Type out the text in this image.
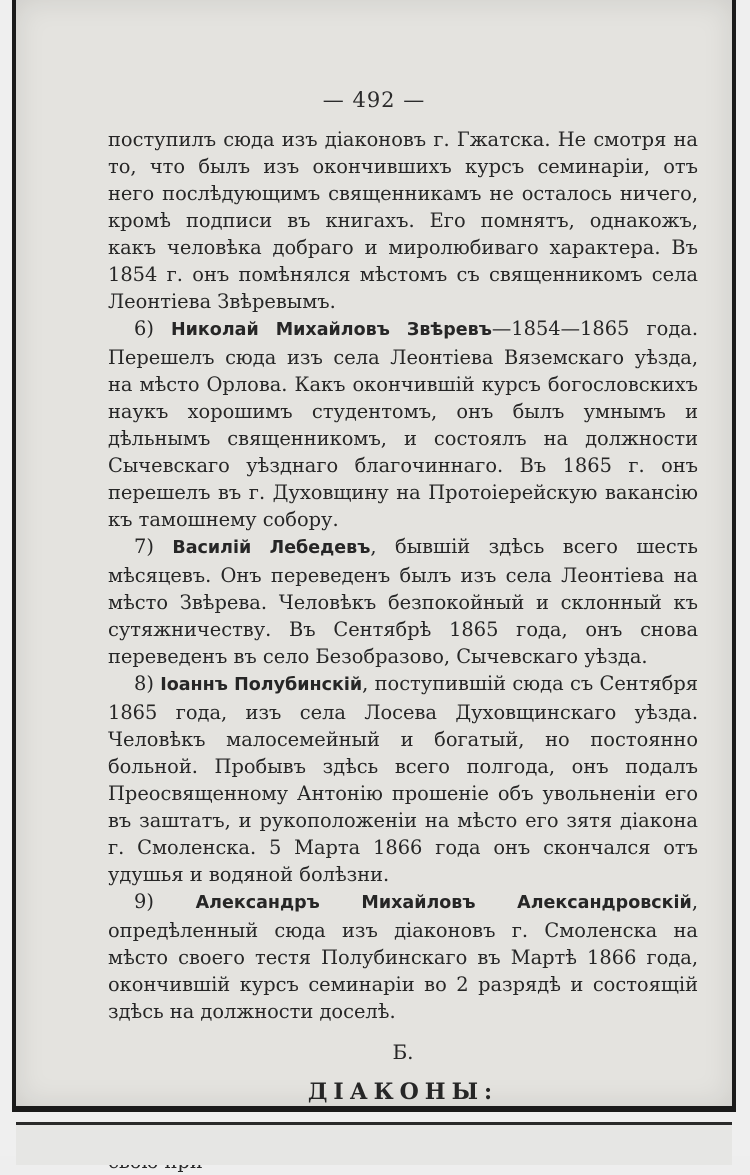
— 492 —

поступилъ сюда изъ діаконовъ г. Гжатска. Не смотря на то, что былъ изъ окончившихъ курсъ семинаріи, отъ него послѣдующимъ священникамъ не осталось ничего, кромѣ подписи въ книгахъ. Его помнятъ, однакожъ, какъ человѣка добраго и миролюбиваго характера. Въ 1854 г. онъ помѣнялся мѣстомъ съ священникомъ села Леонтіева Звѣревымъ.

6) Николай Михайловъ Звѣревъ—1854—1865 года. Перешелъ сюда изъ села Леонтіева Вяземскаго уѣзда, на мѣсто Орлова. Какъ окончившій курсъ богословскихъ наукъ хорошимъ студентомъ, онъ былъ умнымъ и дѣльнымъ священникомъ, и состоялъ на должности Сычевскаго уѣзднаго благочиннаго. Въ 1865 г. онъ перешелъ въ г. Духовщину на Протоіерейскую вакансію къ тамошнему собору.

7) Василій Лебедевъ, бывшій здѣсь всего шесть мѣсяцевъ. Онъ переведенъ былъ изъ села Леонтіева на мѣсто Звѣрева. Человѣкъ безпокойный и склонный къ сутяжничеству. Въ Сентябрѣ 1865 года, онъ снова переведенъ въ село Безобразово, Сычевскаго уѣзда.

8) Іоаннъ Полубинскій, поступившій сюда съ Сентября 1865 года, изъ села Лосева Духовщинскаго уѣзда. Человѣкъ малосемейный и богатый, но постоянно больной. Пробывъ здѣсь всего полгода, онъ подалъ Преосвященному Антонію прошеніе объ увольненіи его въ заштатъ, и рукоположеніи на мѣсто его зятя діакона г. Смоленска. 5 Марта 1866 года онъ скончался отъ удушья и водяной болѣзни.

9) Александръ Михайловъ Александровскій, опредѣленный сюда изъ діаконовъ г. Смоленска на мѣсто своего тестя Полубинскаго въ Мартѣ 1866 года, окончившій курсъ семинаріи во 2 разрядѣ и состоящій здѣсь на должности доселѣ.

Б.
ДІАКОНЫ:
